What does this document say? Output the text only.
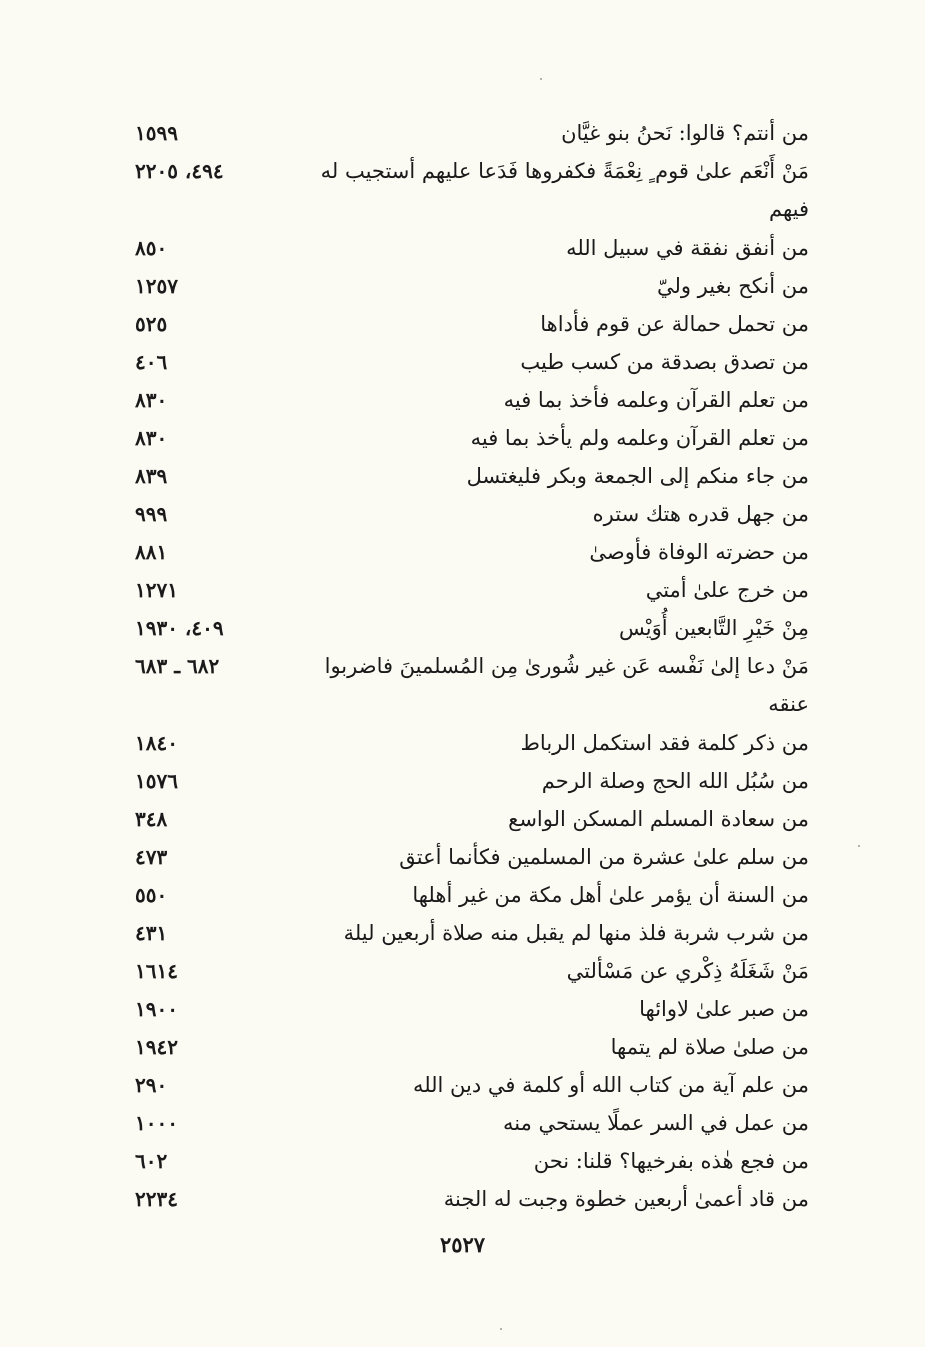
من أنتم؟ قالوا: نَحنُ بنو غيَّان
١٥٩٩
مَنْ أَنْعَم علىٰ قوم ٍ نِعْمَةً فكفروها فَدَعا عليهم أستجيب له فيهم
٤٩٤، ٢٢٠٥
من أنفق نفقة في سبيل الله
٨٥٠
من أنكح بغير وليّ
١٢٥٧
من تحمل حمالة عن قوم فأداها
٥٢٥
من تصدق بصدقة من كسب طيب
٤٠٦
من تعلم القرآن وعلمه فأخذ بما فيه
٨٣٠
من تعلم القرآن وعلمه ولم يأخذ بما فيه
٨٣٠
من جاء منكم إلى الجمعة وبكر فليغتسل
٨٣٩
من جهل قدره هتك ستره
٩٩٩
من حضرته الوفاة فأوصىٰ
٨٨١
من خرج علىٰ أمتي
١٢٧١
مِنْ خَيْرِ التَّابعين أُوَيْس
٤٠٩، ١٩٣٠
مَنْ دعا إلىٰ نَفْسه عَن غير شُورىٰ مِن المُسلمينَ فاضربوا عنقه
٦٨٢ ـ ٦٨٣
من ذكر كلمة فقد استكمل الرباط
١٨٤٠
من سُبُل الله الحج وصلة الرحم
١٥٧٦
من سعادة المسلم المسكن الواسع
٣٤٨
من سلم علىٰ عشرة من المسلمين فكأنما أعتق
٤٧٣
من السنة أن يؤمر علىٰ أهل مكة من غير أهلها
٥٥٠
من شرب شربة فلذ منها لم يقبل منه صلاة أربعين ليلة
٤٣١
مَنْ شَغَلَهُ ذِكْري عن مَسْألتي
١٦١٤
من صبر علىٰ لاوائها
١٩٠٠
من صلىٰ صلاة لم يتمها
١٩٤٢
من علم آية من كتاب الله أو كلمة في دين الله
٢٩٠
من عمل في السر عملًا يستحي منه
١٠٠٠
من فجع هٰذه بفرخيها؟ قلنا: نحن
٦٠٢
من قاد أعمىٰ أربعين خطوة وجبت له الجنة
٢٢٣٤
٢٥٢٧
